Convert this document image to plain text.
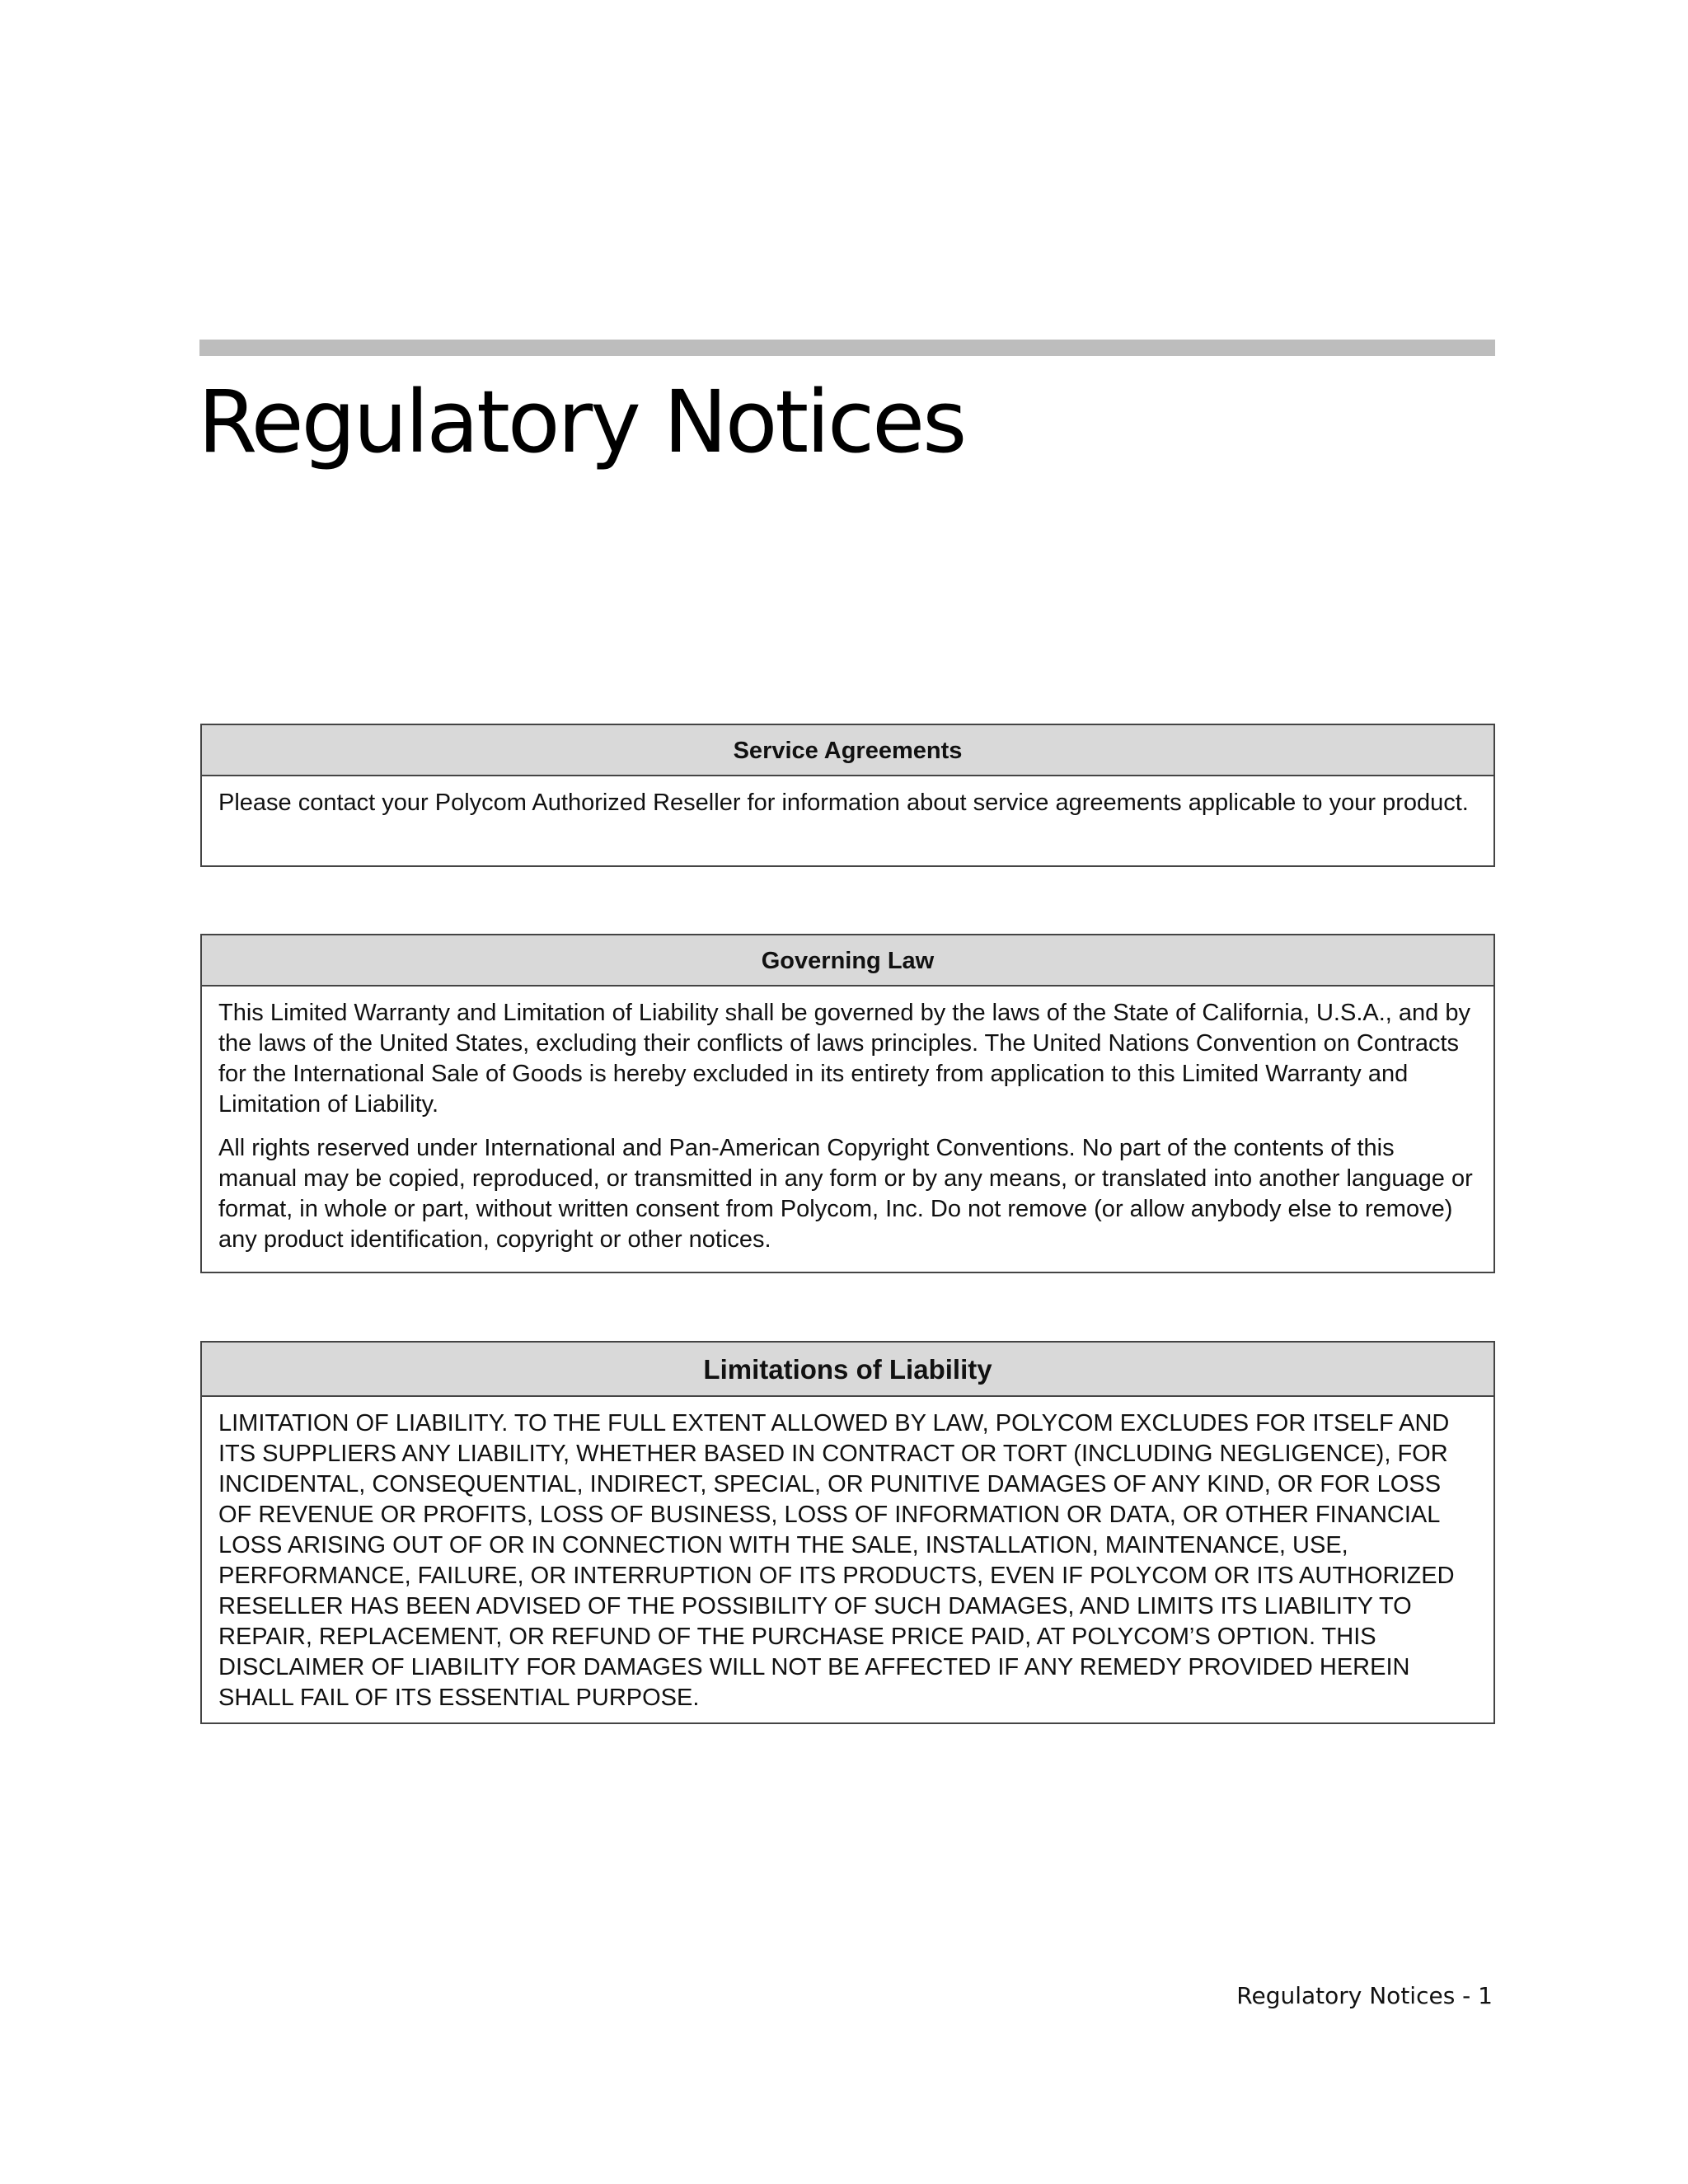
Regulatory Notices
Service Agreements

Please contact your Polycom Authorized Reseller for information about service agreements applicable to your product.

Governing Law

This Limited Warranty and Limitation of Liability shall be governed by the laws of the State of California, U.S.A., and by the laws of the United States, excluding their conflicts of laws principles. The United Nations Convention on Contracts for the International Sale of Goods is hereby excluded in its entirety from application to this Limited Warranty and Limitation of Liability.

All rights reserved under International and Pan-American Copyright Conventions. No part of the contents of this manual may be copied, reproduced, or transmitted in any form or by any means, or translated into another language or format, in whole or part, without written consent from Polycom, Inc. Do not remove (or allow anybody else to remove) any product identification, copyright or other notices.

Limitations of Liability

LIMITATION OF LIABILITY. TO THE FULL EXTENT ALLOWED BY LAW, POLYCOM EXCLUDES FOR ITSELF AND ITS SUPPLIERS ANY LIABILITY, WHETHER BASED IN CONTRACT OR TORT (INCLUDING NEGLIGENCE), FOR INCIDENTAL, CONSEQUENTIAL, INDIRECT, SPECIAL, OR PUNITIVE DAMAGES OF ANY KIND, OR FOR LOSS OF REVENUE OR PROFITS, LOSS OF BUSINESS, LOSS OF INFORMATION OR DATA, OR OTHER FINANCIAL LOSS ARISING OUT OF OR IN CONNECTION WITH THE SALE, INSTALLATION, MAINTENANCE, USE, PERFORMANCE, FAILURE, OR INTERRUPTION OF ITS PRODUCTS, EVEN IF POLYCOM OR ITS AUTHORIZED RESELLER HAS BEEN ADVISED OF THE POSSIBILITY OF SUCH DAMAGES, AND LIMITS ITS LIABILITY TO REPAIR, REPLACEMENT, OR REFUND OF THE PURCHASE PRICE PAID, AT POLYCOM’S OPTION. THIS DISCLAIMER OF LIABILITY FOR DAMAGES WILL NOT BE AFFECTED IF ANY REMEDY PROVIDED HEREIN SHALL FAIL OF ITS ESSENTIAL PURPOSE.

Regulatory Notices - 1
